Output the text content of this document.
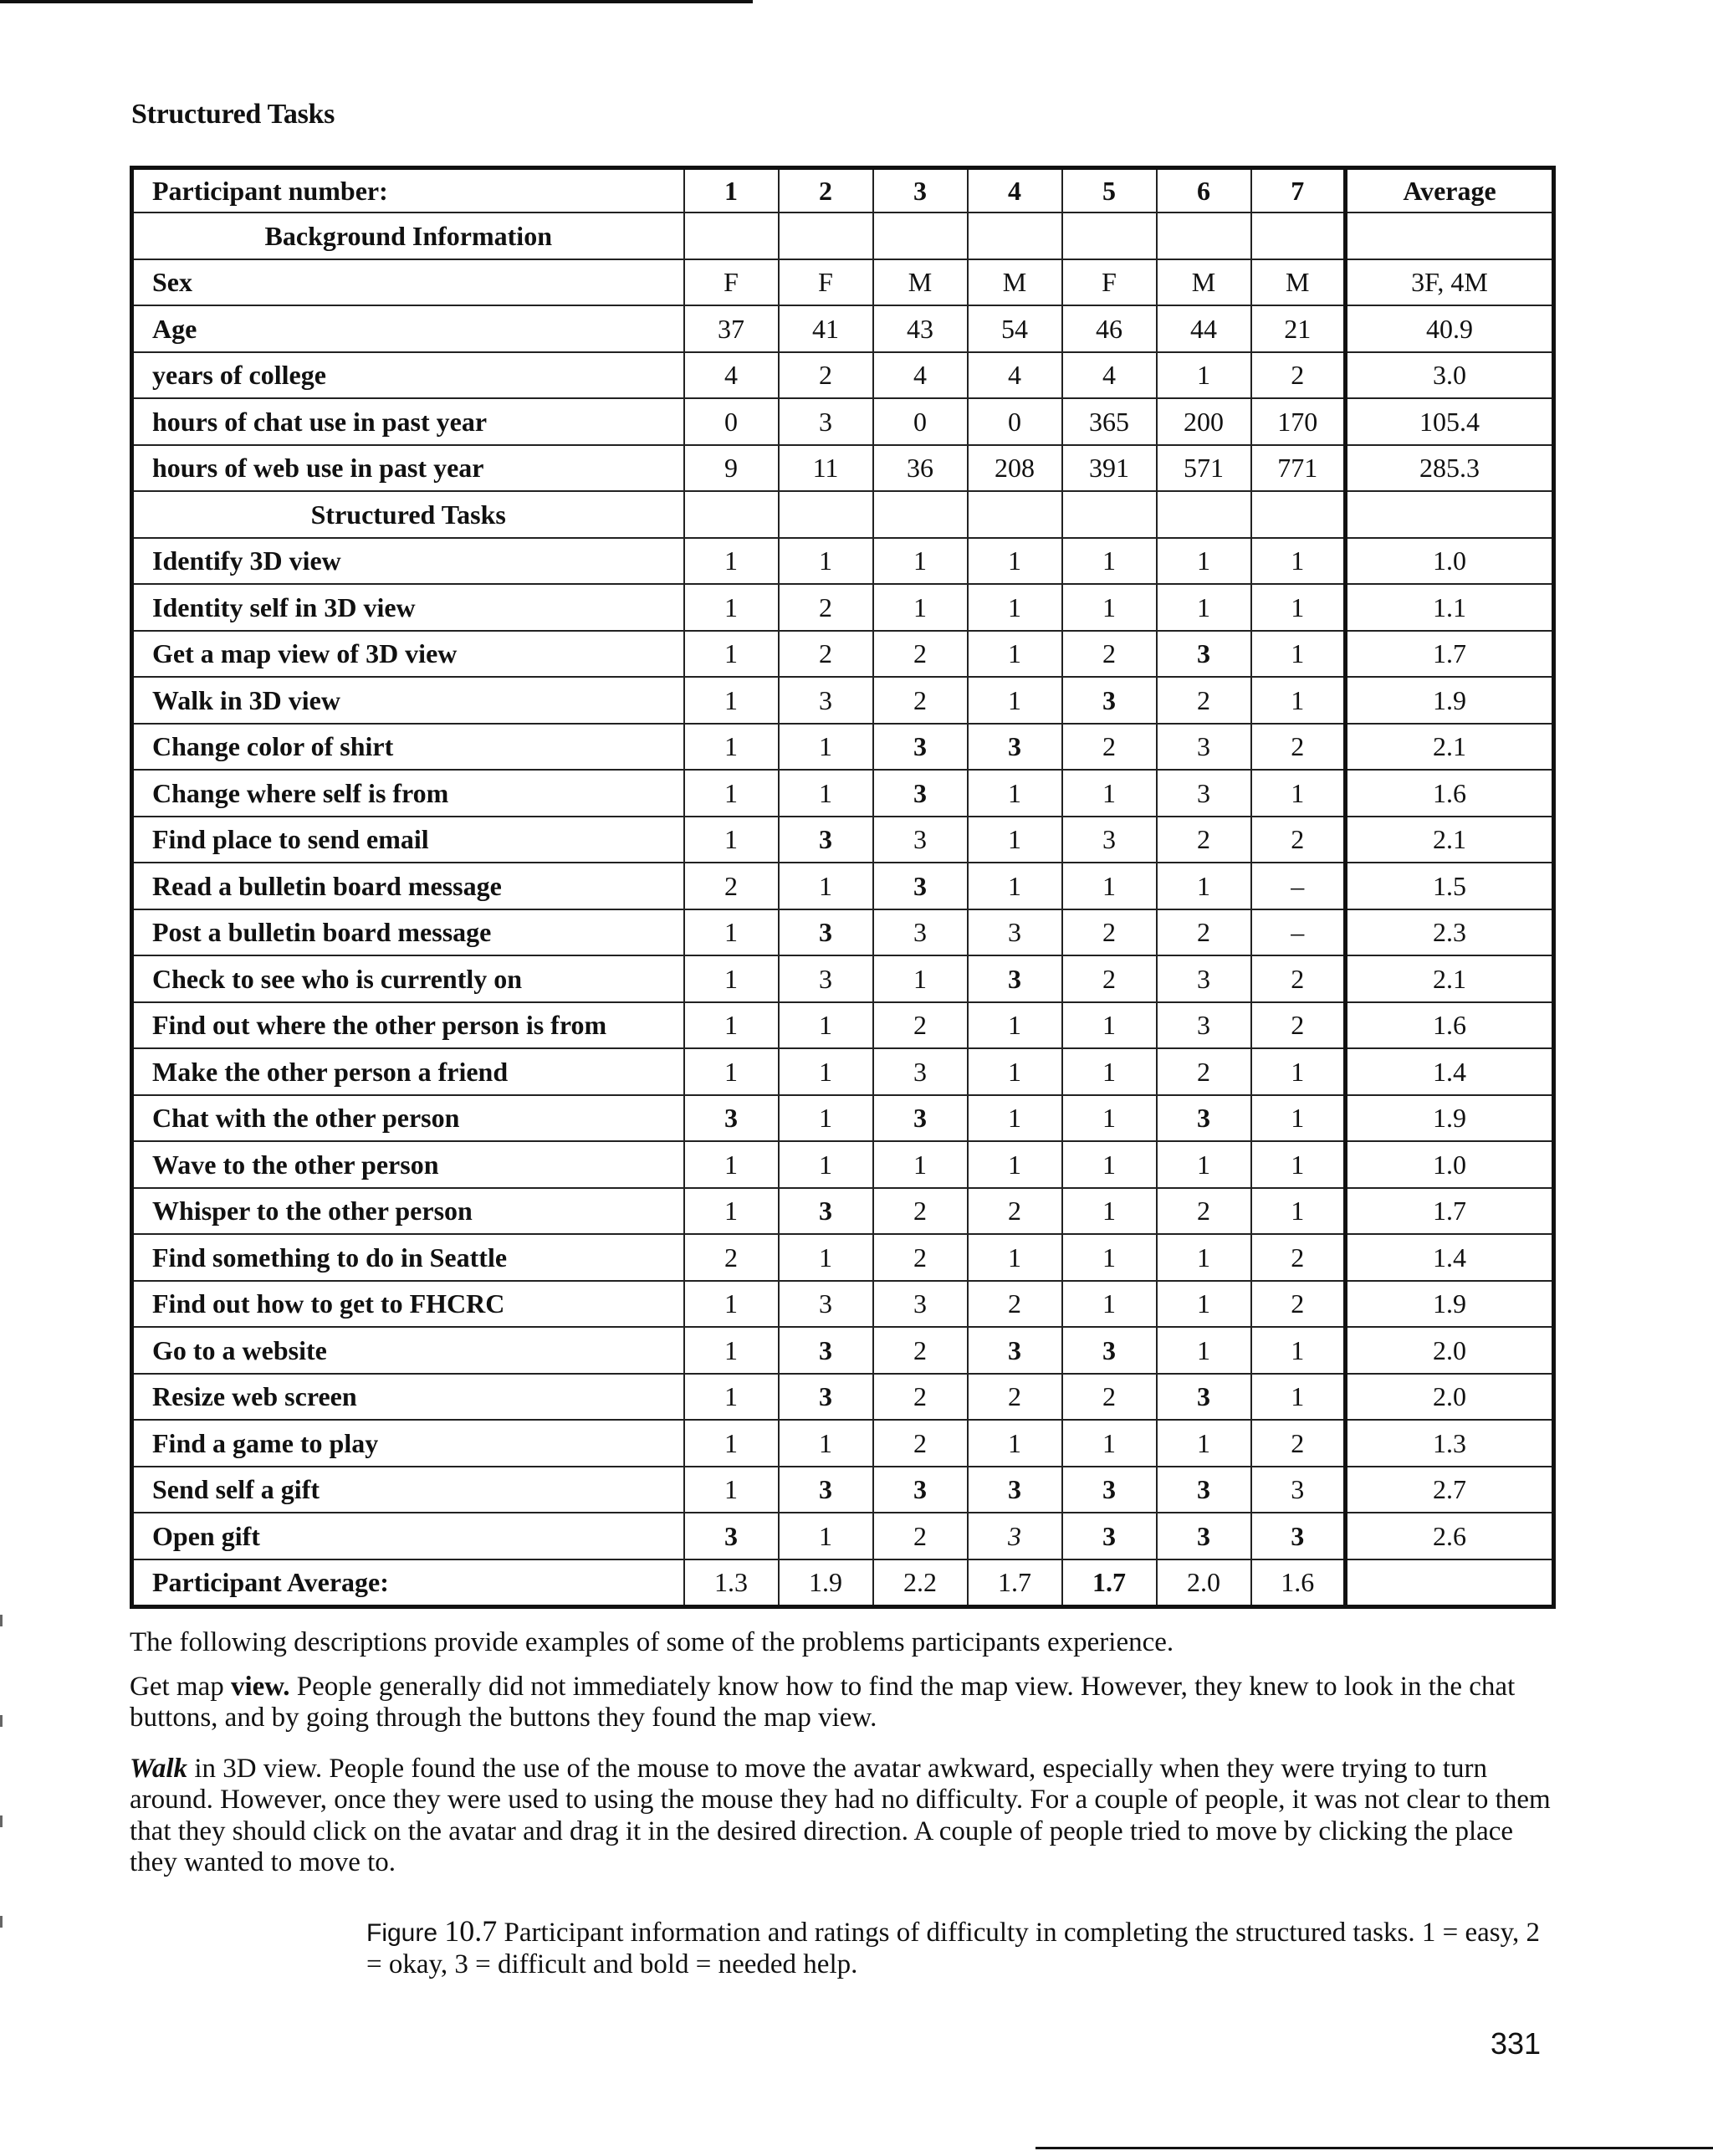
Structured Tasks
Participant number:	1	2	3	4	5	6	7	Average
Background Information								
Sex	F	F	M	M	F	M	M	3F, 4M
Age	37	41	43	54	46	44	21	40.9
years of college	4	2	4	4	4	1	2	3.0
hours of chat use in past year	0	3	0	0	365	200	170	105.4
hours of web use in past year	9	11	36	208	391	571	771	285.3
Structured Tasks								
Identify 3D view	1	1	1	1	1	1	1	1.0
Identity self in 3D view	1	2	1	1	1	1	1	1.1
Get a map view of 3D view	1	2	2	1	2	3	1	1.7
Walk in 3D view	1	3	2	1	3	2	1	1.9
Change color of shirt	1	1	3	3	2	3	2	2.1
Change where self is from	1	1	3	1	1	3	1	1.6
Find place to send email	1	3	3	1	3	2	2	2.1
Read a bulletin board message	2	1	3	1	1	1	–	1.5
Post a bulletin board message	1	3	3	3	2	2	–	2.3
Check to see who is currently on	1	3	1	3	2	3	2	2.1
Find out where the other person is from	1	1	2	1	1	3	2	1.6
Make the other person a friend	1	1	3	1	1	2	1	1.4
Chat with the other person	3	1	3	1	1	3	1	1.9
Wave to the other person	1	1	1	1	1	1	1	1.0
Whisper to the other person	1	3	2	2	1	2	1	1.7
Find something to do in Seattle	2	1	2	1	1	1	2	1.4
Find out how to get to FHCRC	1	3	3	2	1	1	2	1.9
Go to a website	1	3	2	3	3	1	1	2.0
Resize web screen	1	3	2	2	2	3	1	2.0
Find a game to play	1	1	2	1	1	1	2	1.3
Send self a gift	1	3	3	3	3	3	3	2.7
Open gift	3	1	2	3	3	3	3	2.6
Participant Average:	1.3	1.9	2.2	1.7	1.7	2.0	1.6	

The following descriptions provide examples of some of the problems participants experience.

Get map view. People generally did not immediately know how to find the map view. However, they knew to look in the chat buttons, and by going through the buttons they found the map view.

Walk in 3D view. People found the use of the mouse to move the avatar awkward, especially when they were trying to turn around. However, once they were used to using the mouse they had no difficulty. For a couple of people, it was not clear to them that they should click on the avatar and drag it in the desired direction. A couple of people tried to move by clicking the place they wanted to move to.

Figure 10.7 Participant information and ratings of difficulty in completing the structured tasks. 1 = easy, 2 = okay, 3 = difficult and bold = needed help.
331
